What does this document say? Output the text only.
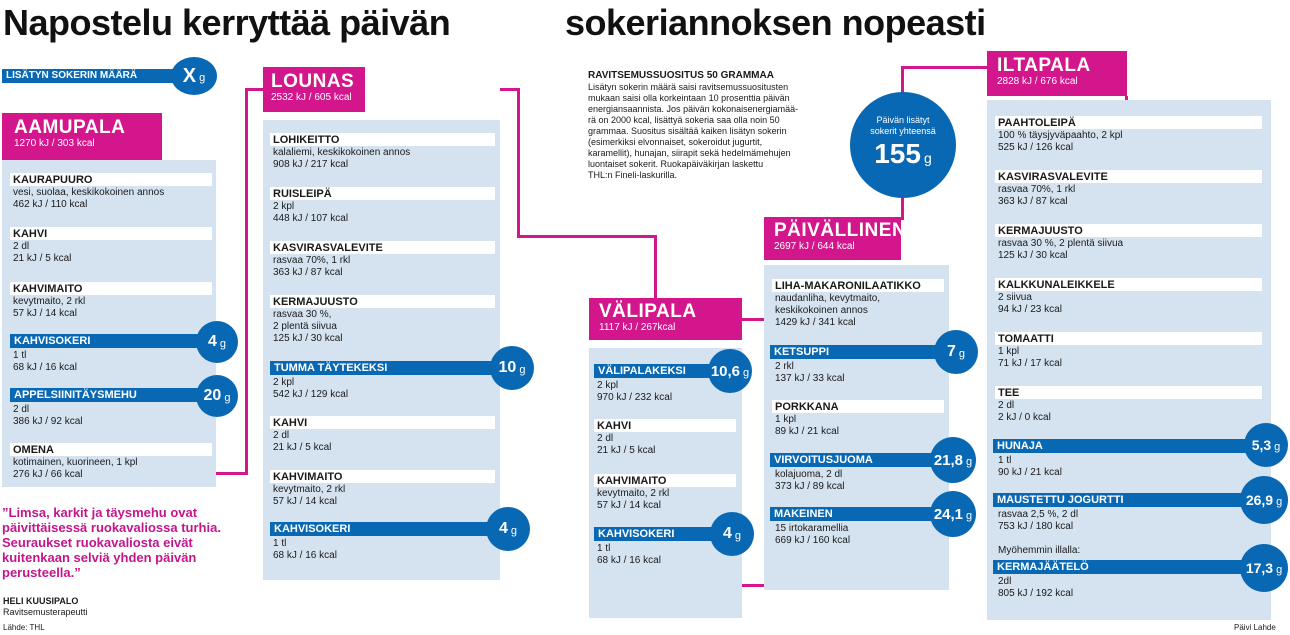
Napostelu kerryttää päivän	sokeriannoksen nopeasti
LISÄTYN SOKERIN MÄÄRÄ	X g
AAMUPALA
1270 kJ / 303 kcal
LOUNAS
2532 kJ / 605 kcal
VÄLIPALA
1117 kJ / 267kcal
PÄIVÄLLINEN
2697 kJ / 644 kcal
ILTAPALA
2828 kJ / 676 kcal
RAVITSEMUSSUOSITUS 50 GRAMMAA
Lisätyn sokerin määrä saisi ravitsemussuositusten
mukaan saisi olla korkeintaan 10 prosenttia päivän
energiansaannista. Jos päivän kokonaisenergiamää-
rä on 2000 kcal, lisättyä sokeria saa olla noin 50
grammaa. Suositus sisältää kaiken lisätyn sokerin
(esimerkiksi elvonnaiset, sokeroidut jugurtit,
karamellit), hunajan, siirapit sekä hedelmämehujen
luontaiset sokerit. Ruokapäiväkirjan laskettu
THL:n Fineli-laskurilla.
Päivän lisätyt
sokerit yhteensä
155 g
KAURAPUURO
vesi, suolaa, keskikokoinen annos
462 kJ / 110 kcal
KAHVI
2 dl
21 kJ / 5 kcal
KAHVIMAITO
kevytmaito, 2 rkl
57 kJ / 14 kcal
KAHVISOKERI
1 tl
68 kJ / 16 kcal
4 g
APPELSIINITÄYSMEHU
2 dl
386 kJ / 92 kcal
20 g
OMENA
kotimainen, kuorineen, 1 kpl
276 kJ / 66 kcal
LOHIKEITTO
kalaliemi, keskikokoinen annos
908 kJ / 217 kcal
RUISLEIPÄ
2 kpl
448 kJ / 107 kcal
KASVIRASVALEVITE
rasvaa 70%, 1 rkl
363 kJ / 87 kcal
KERMAJUUSTO
rasvaa 30 %,
2 plentä siivua
125 kJ / 30 kcal
TUMMA TÄYTEKEKSI
2 kpl
542 kJ / 129 kcal
10 g
KAHVI
2 dl
21 kJ / 5 kcal
KAHVIMAITO
kevytmaito, 2 rkl
57 kJ / 14 kcal
KAHVISOKERI
1 tl
68 kJ / 16 kcal
4 g
VÄLIPALAKEKSI
2 kpl
970 kJ / 232 kcal
10,6 g
KAHVI
2 dl
21 kJ / 5 kcal
KAHVIMAITO
kevytmaito, 2 rkl
57 kJ / 14 kcal
KAHVISOKERI
1 tl
68 kJ / 16 kcal
4 g
LIHA-MAKARONILAATIKKO
naudanliha, kevytmaito,
keskikokoinen annos
1429 kJ / 341 kcal
KETSUPPI
2 rkl
137 kJ / 33 kcal
7 g
PORKKANA
1 kpl
89 kJ / 21 kcal
VIRVOITUSJUOMA
kolajuoma, 2 dl
373 kJ / 89 kcal
21,8 g
MAKEINEN
15 irtokaramellia
669 kJ / 160 kcal
24,1 g
PAAHTOLEIPÄ
100 % täysjyväpaahto, 2 kpl
525 kJ / 126 kcal
KASVIRASVALEVITE
rasvaa 70%, 1 rkl
363 kJ / 87 kcal
KERMAJUUSTO
rasvaa 30 %, 2 plentä siivua
125 kJ / 30 kcal
KALKKUNALEIKKELE
2 siivua
94 kJ / 23 kcal
TOMAATTI
1 kpl
71 kJ / 17 kcal
TEE
2 dl
2 kJ / 0 kcal
HUNAJA
1 tl
90 kJ / 21 kcal
5,3 g
MAUSTETTU JOGURTTI
rasvaa 2,5 %, 2 dl
753 kJ / 180 kcal
26,9 g
Myöhemmin illalla:
KERMAJÄÄTELÖ
2dl
805 kJ / 192 kcal
17,3 g
”Limsa, karkit ja täysmehu ovat päivittäisessä ruokavaliossa turhia. Seuraukset ruokavaliosta eivät kuitenkaan selviä yhden päivän perusteella.”
HELI KUUSIPALO
Ravitsemusterapeutti
Lähde: THL	Päivi Lahde
